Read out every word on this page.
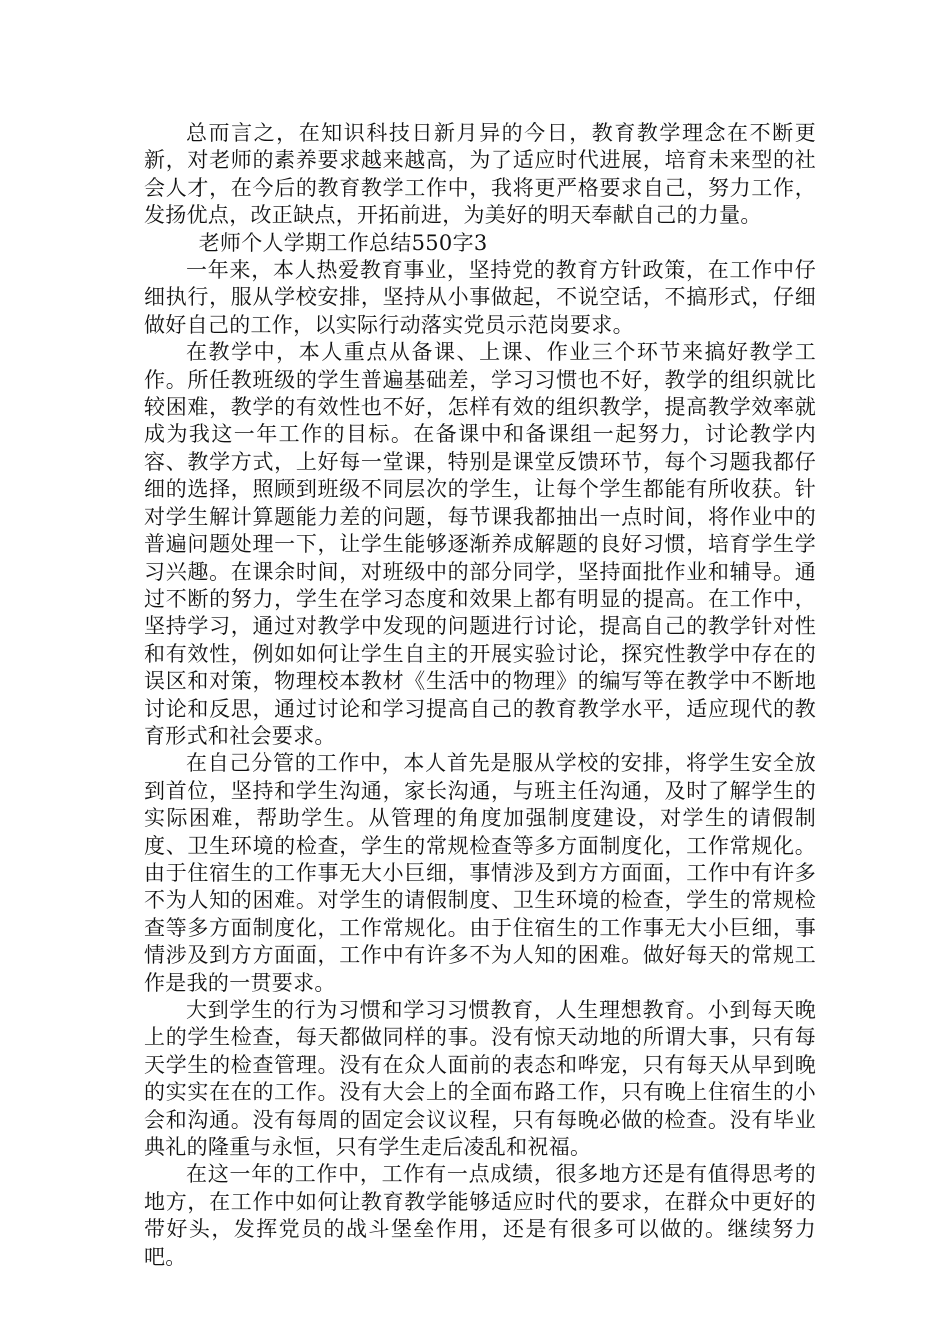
总而言之，在知识科技日新月异的今日，教育教学理念在不断更新，对老师的素养要求越来越高，为了适应时代进展，培育未来型的社会人才，在今后的教育教学工作中，我将更严格要求自己，努力工作，发扬优点，改正缺点，开拓前进，为美好的明天奉献自己的力量。

老师个人学期工作总结550字3

一年来，本人热爱教育事业，坚持党的教育方针政策，在工作中仔细执行，服从学校安排，坚持从小事做起，不说空话，不搞形式，仔细做好自己的工作，以实际行动落实党员示范岗要求。

在教学中，本人重点从备课、上课、作业三个环节来搞好教学工作。所任教班级的学生普遍基础差，学习习惯也不好，教学的组织就比较困难，教学的有效性也不好，怎样有效的组织教学，提高教学效率就成为我这一年工作的目标。在备课中和备课组一起努力，讨论教学内容、教学方式，上好每一堂课，特别是课堂反馈环节，每个习题我都仔细的选择，照顾到班级不同层次的学生，让每个学生都能有所收获。针对学生解计算题能力差的问题，每节课我都抽出一点时间，将作业中的普遍问题处理一下，让学生能够逐渐养成解题的良好习惯，培育学生学习兴趣。在课余时间，对班级中的部分同学，坚持面批作业和辅导。通过不断的努力，学生在学习态度和效果上都有明显的提高。在工作中，坚持学习，通过对教学中发现的问题进行讨论，提高自己的教学针对性和有效性，例如如何让学生自主的开展实验讨论，探究性教学中存在的误区和对策，物理校本教材《生活中的物理》的编写等在教学中不断地讨论和反思，通过讨论和学习提高自己的教育教学水平，适应现代的教育形式和社会要求。

在自己分管的工作中，本人首先是服从学校的安排，将学生安全放到首位，坚持和学生沟通，家长沟通，与班主任沟通，及时了解学生的实际困难，帮助学生。从管理的角度加强制度建设，对学生的请假制度、卫生环境的检查，学生的常规检查等多方面制度化，工作常规化。由于住宿生的工作事无大小巨细，事情涉及到方方面面，工作中有许多不为人知的困难。对学生的请假制度、卫生环境的检查，学生的常规检查等多方面制度化，工作常规化。由于住宿生的工作事无大小巨细，事情涉及到方方面面，工作中有许多不为人知的困难。做好每天的常规工作是我的一贯要求。

大到学生的行为习惯和学习习惯教育，人生理想教育。小到每天晚上的学生检查，每天都做同样的事。没有惊天动地的所谓大事，只有每天学生的检查管理。没有在众人面前的表态和哗宠，只有每天从早到晚的实实在在的工作。没有大会上的全面布路工作，只有晚上住宿生的小会和沟通。没有每周的固定会议议程，只有每晚必做的检查。没有毕业典礼的隆重与永恒，只有学生走后凌乱和祝福。

在这一年的工作中，工作有一点成绩，很多地方还是有值得思考的地方，在工作中如何让教育教学能够适应时代的要求，在群众中更好的带好头，发挥党员的战斗堡垒作用，还是有很多可以做的。继续努力吧。
